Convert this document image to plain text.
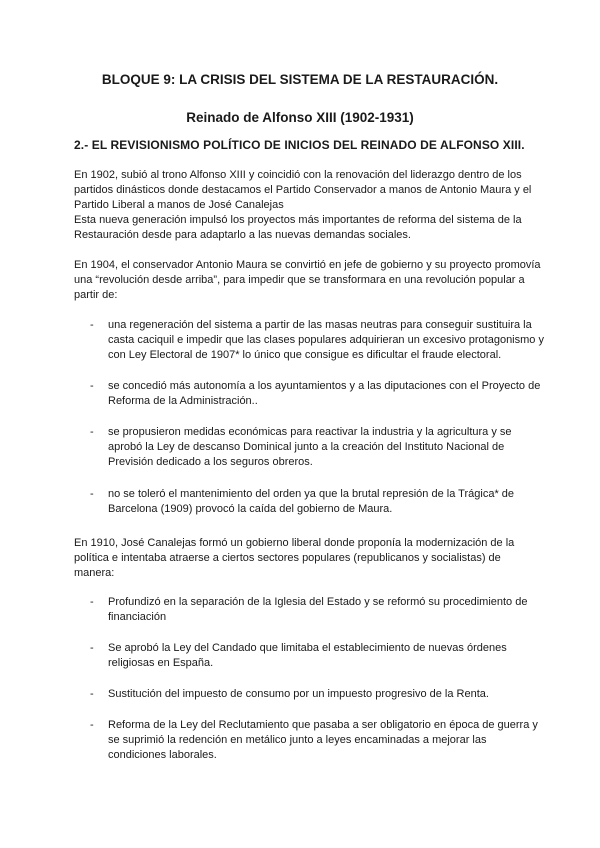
BLOQUE 9: LA CRISIS DEL SISTEMA DE LA RESTAURACIÓN.
Reinado de Alfonso XIII (1902-1931)
2.- EL REVISIONISMO POLÍTICO DE INICIOS DEL REINADO DE ALFONSO XIII.

En 1902, subió al trono Alfonso XIII y coincidió con la renovación del liderazgo dentro de los partidos dinásticos donde destacamos el Partido Conservador a manos de Antonio Maura y el Partido Liberal a manos de José Canalejas
Esta nueva generación impulsó los proyectos más importantes de reforma del sistema de la Restauración desde para adaptarlo a las nuevas demandas sociales.

En 1904, el conservador Antonio Maura se convirtió en jefe de gobierno y su proyecto promovía una “revolución desde arriba”, para impedir que se transformara en una revolución popular a partir de:

- una regeneración del sistema a partir de las masas neutras para conseguir sustituira la casta caciquil e impedir que las clases populares adquirieran un excesivo protagonismo y con Ley Electoral de 1907* lo único que consigue es dificultar el fraude electoral.
- se concedió más autonomía a los ayuntamientos y a las diputaciones con el Proyecto de Reforma de la Administración..
- se propusieron medidas económicas para reactivar la industria y la agricultura y se aprobó la Ley de descanso Dominical junto a la creación del Instituto Nacional de Previsión dedicado a los seguros obreros.
- no se toleró el mantenimiento del orden ya que la brutal represión de la Trágica* de Barcelona (1909) provocó la caída del gobierno de Maura.

En 1910, José Canalejas formó un gobierno liberal donde proponía la modernización de la política e intentaba atraerse a ciertos sectores populares (republicanos y socialistas) de manera:

- Profundizó en la separación de la Iglesia del Estado y se reformó su procedimiento de financiación
- Se aprobó la Ley del Candado que limitaba el establecimiento de nuevas órdenes religiosas en España.
- Sustitución del impuesto de consumo por un impuesto progresivo de la Renta.
- Reforma de la Ley del Reclutamiento que pasaba a ser obligatorio en época de guerra y se suprimió la redención en metálico junto a leyes encaminadas a mejorar las condiciones laborales.
